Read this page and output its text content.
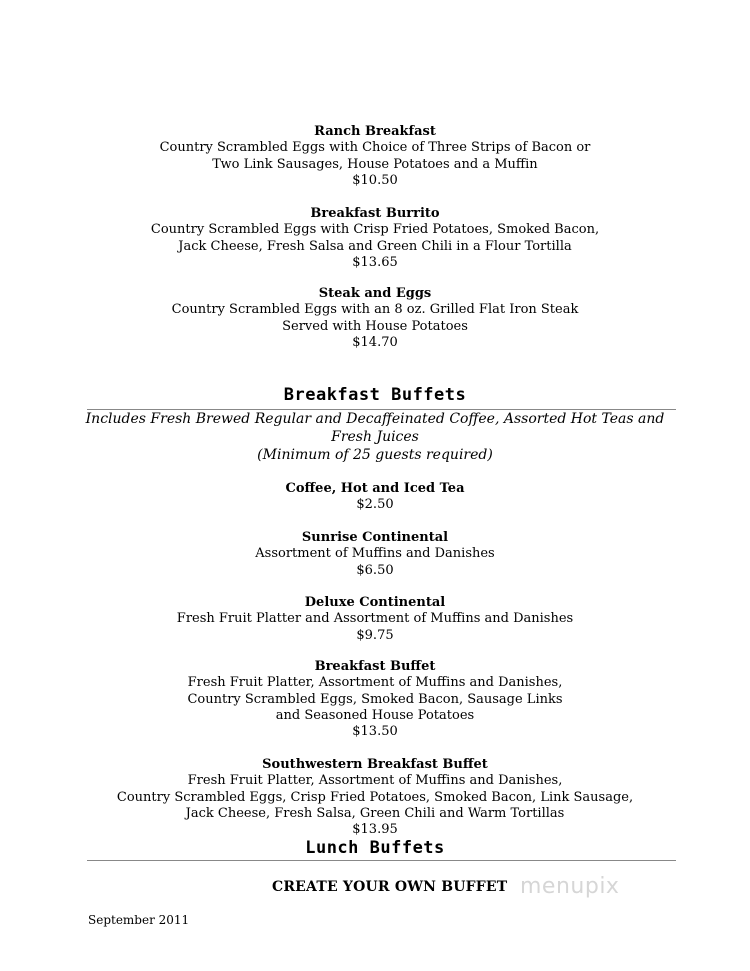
Ranch Breakfast
Country Scrambled Eggs with Choice of Three Strips of Bacon or
Two Link Sausages, House Potatoes and a Muffin
$10.50
Breakfast Burrito
Country Scrambled Eggs with Crisp Fried Potatoes, Smoked Bacon,
Jack Cheese, Fresh Salsa and Green Chili in a Flour Tortilla
$13.65
Steak and Eggs
Country Scrambled Eggs with an 8 oz. Grilled Flat Iron Steak
Served with House Potatoes
$14.70
Breakfast Buffets
Includes Fresh Brewed Regular and Decaffeinated Coffee, Assorted Hot Teas and
Fresh Juices
(Minimum of 25 guests required)
Coffee, Hot and Iced Tea
$2.50
Sunrise Continental
Assortment of Muffins and Danishes
$6.50
Deluxe Continental
Fresh Fruit Platter and Assortment of Muffins and Danishes
$9.75
Breakfast Buffet
Fresh Fruit Platter, Assortment of Muffins and Danishes,
Country Scrambled Eggs, Smoked Bacon, Sausage Links
and Seasoned House Potatoes
$13.50
Southwestern Breakfast Buffet
Fresh Fruit Platter, Assortment of Muffins and Danishes,
Country Scrambled Eggs, Crisp Fried Potatoes, Smoked Bacon, Link Sausage,
Jack Cheese, Fresh Salsa, Green Chili and Warm Tortillas
$13.95
Lunch Buffets
CREATE YOUR OWN BUFFET menupix
September 2011
